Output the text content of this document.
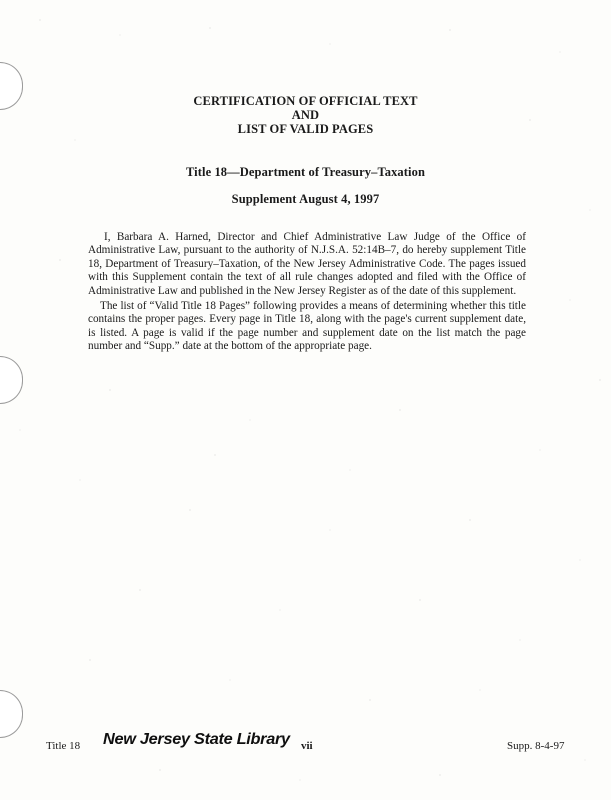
CERTIFICATION OF OFFICIAL TEXT
AND
LIST OF VALID PAGES
Title 18—Department of Treasury–Taxation
Supplement August 4, 1997

I, Barbara A. Harned, Director and Chief Administrative Law Judge of the Office of Administrative Law, pursuant to the authority of N.J.S.A. 52:14B–7, do hereby supplement Title 18, Department of Treasury–Taxation, of the New Jersey Administrative Code. The pages issued with this Supplement contain the text of all rule changes adopted and filed with the Office of Administrative Law and published in the New Jersey Register as of the date of this supplement.

The list of “Valid Title 18 Pages” following provides a means of determining whether this title contains the proper pages. Every page in Title 18, along with the page's current supplement date, is listed. A page is valid if the page number and supplement date on the list match the page number and “Supp.” date at the bottom of the appropriate page.

Title 18 New Jersey State Library vii	Supp. 8-4-97
